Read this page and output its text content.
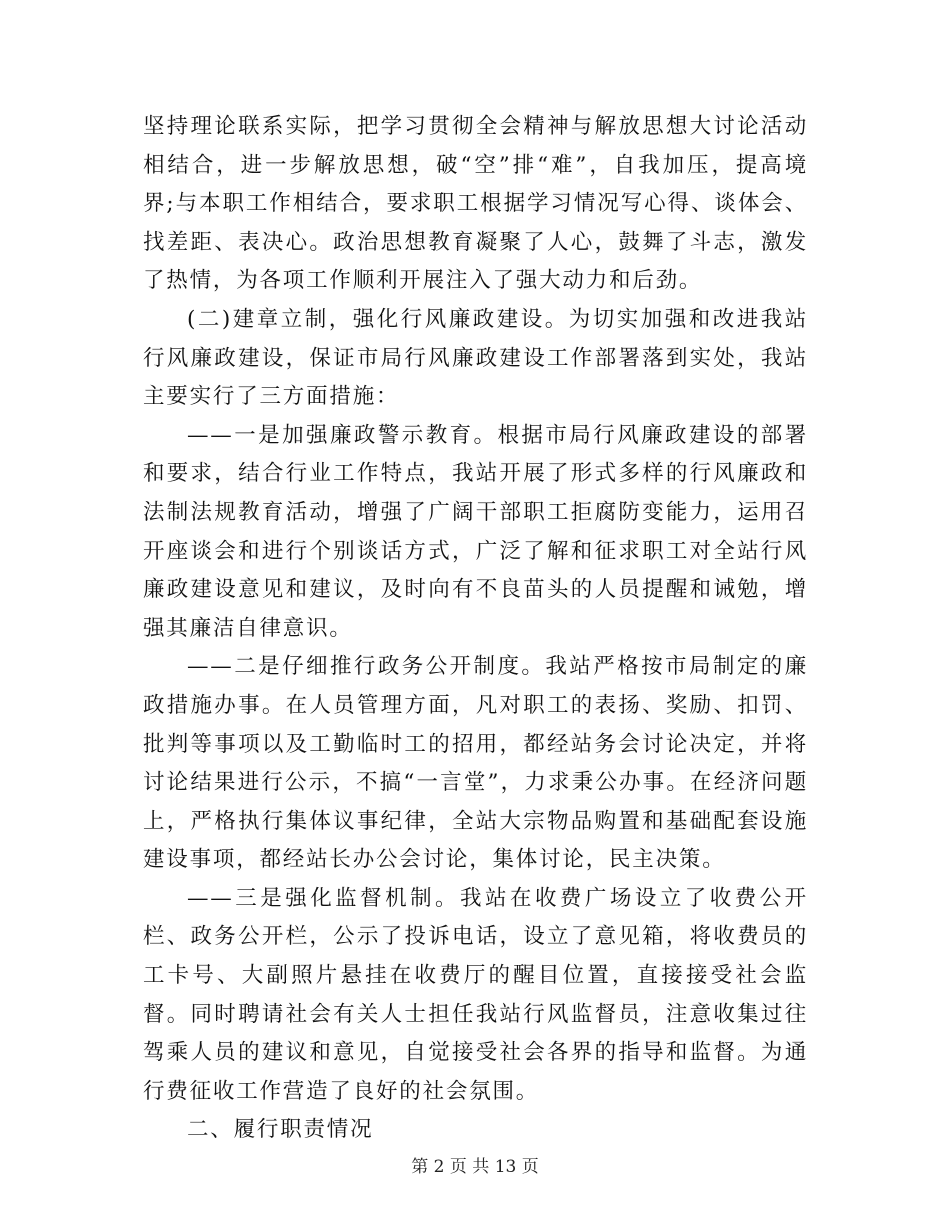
坚持理论联系实际，把学习贯彻全会精神与解放思想大讨论活动相结合，进一步解放思想，破“空”排“难”，自我加压，提高境界;与本职工作相结合，要求职工根据学习情况写心得、谈体会、找差距、表决心。政治思想教育凝聚了人心，鼓舞了斗志，激发了热情，为各项工作顺利开展注入了强大动力和后劲。

(二)建章立制，强化行风廉政建设。为切实加强和改进我站行风廉政建设，保证市局行风廉政建设工作部署落到实处，我站主要实行了三方面措施：

——一是加强廉政警示教育。根据市局行风廉政建设的部署和要求，结合行业工作特点，我站开展了形式多样的行风廉政和法制法规教育活动，增强了广阔干部职工拒腐防变能力，运用召开座谈会和进行个别谈话方式，广泛了解和征求职工对全站行风廉政建设意见和建议，及时向有不良苗头的人员提醒和诫勉，增强其廉洁自律意识。

——二是仔细推行政务公开制度。我站严格按市局制定的廉政措施办事。在人员管理方面，凡对职工的表扬、奖励、扣罚、批判等事项以及工勤临时工的招用，都经站务会讨论决定，并将讨论结果进行公示，不搞“一言堂”，力求秉公办事。在经济问题上，严格执行集体议事纪律，全站大宗物品购置和基础配套设施建设事项，都经站长办公会讨论，集体讨论，民主决策。

——三是强化监督机制。我站在收费广场设立了收费公开栏、政务公开栏，公示了投诉电话，设立了意见箱，将收费员的工卡号、大副照片悬挂在收费厅的醒目位置，直接接受社会监督。同时聘请社会有关人士担任我站行风监督员，注意收集过往驾乘人员的建议和意见，自觉接受社会各界的指导和监督。为通行费征收工作营造了良好的社会氛围。

二、履行职责情况

第 2 页 共 13 页
